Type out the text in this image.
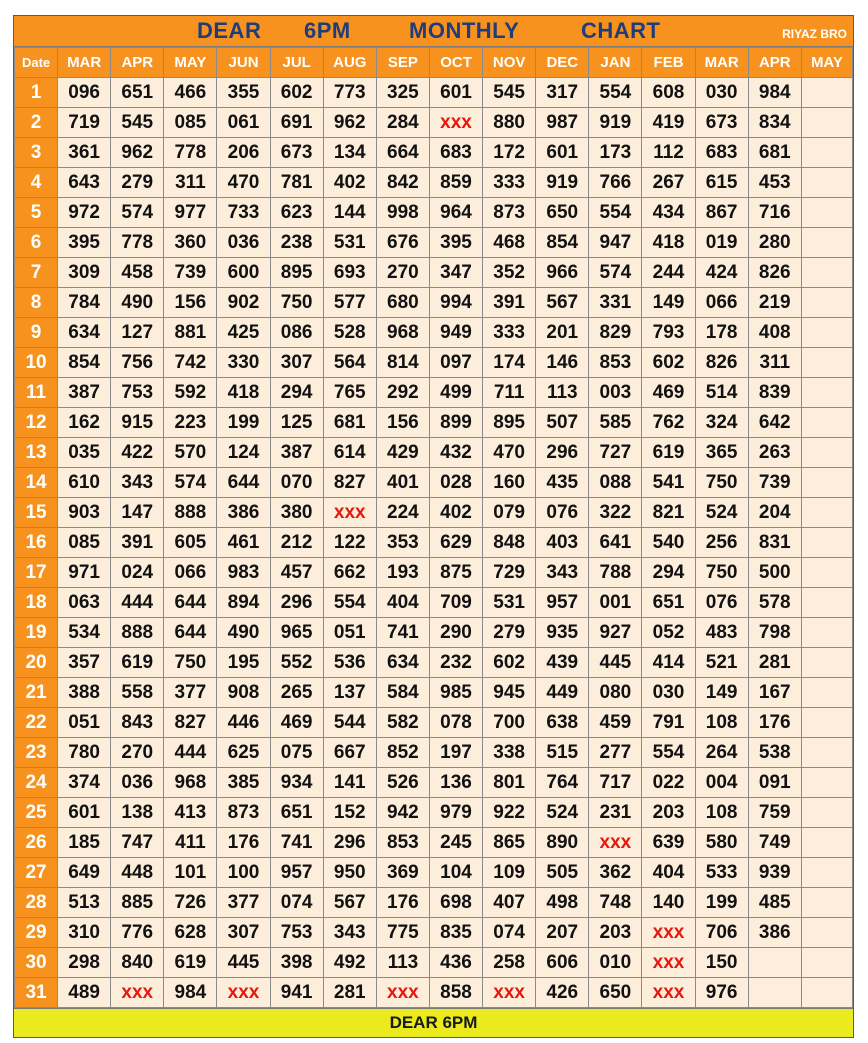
DEAR 6PM	MONTHLY	CHART	RIYAZ BRO
Date	MAR	APR	MAY	JUN	JUL	AUG	SEP	OCT	NOV	DEC	JAN	FEB	MAR	APR	MAY
1	096	651	466	355	602	773	325	601	545	317	554	608	030	984	
2	719	545	085	061	691	962	284	xxx	880	987	919	419	673	834	
3	361	962	778	206	673	134	664	683	172	601	173	112	683	681	
4	643	279	311	470	781	402	842	859	333	919	766	267	615	453	
5	972	574	977	733	623	144	998	964	873	650	554	434	867	716	
6	395	778	360	036	238	531	676	395	468	854	947	418	019	280	
7	309	458	739	600	895	693	270	347	352	966	574	244	424	826	
8	784	490	156	902	750	577	680	994	391	567	331	149	066	219	
9	634	127	881	425	086	528	968	949	333	201	829	793	178	408	
10	854	756	742	330	307	564	814	097	174	146	853	602	826	311	
11	387	753	592	418	294	765	292	499	711	113	003	469	514	839	
12	162	915	223	199	125	681	156	899	895	507	585	762	324	642	
13	035	422	570	124	387	614	429	432	470	296	727	619	365	263	
14	610	343	574	644	070	827	401	028	160	435	088	541	750	739	
15	903	147	888	386	380	xxx	224	402	079	076	322	821	524	204	
16	085	391	605	461	212	122	353	629	848	403	641	540	256	831	
17	971	024	066	983	457	662	193	875	729	343	788	294	750	500	
18	063	444	644	894	296	554	404	709	531	957	001	651	076	578	
19	534	888	644	490	965	051	741	290	279	935	927	052	483	798	
20	357	619	750	195	552	536	634	232	602	439	445	414	521	281	
21	388	558	377	908	265	137	584	985	945	449	080	030	149	167	
22	051	843	827	446	469	544	582	078	700	638	459	791	108	176	
23	780	270	444	625	075	667	852	197	338	515	277	554	264	538	
24	374	036	968	385	934	141	526	136	801	764	717	022	004	091	
25	601	138	413	873	651	152	942	979	922	524	231	203	108	759	
26	185	747	411	176	741	296	853	245	865	890	xxx	639	580	749	
27	649	448	101	100	957	950	369	104	109	505	362	404	533	939	
28	513	885	726	377	074	567	176	698	407	498	748	140	199	485	
29	310	776	628	307	753	343	775	835	074	207	203	xxx	706	386	
30	298	840	619	445	398	492	113	436	258	606	010	xxx	150		
31	489	xxx	984	xxx	941	281	xxx	858	xxx	426	650	xxx	976		
DEAR 6PM
